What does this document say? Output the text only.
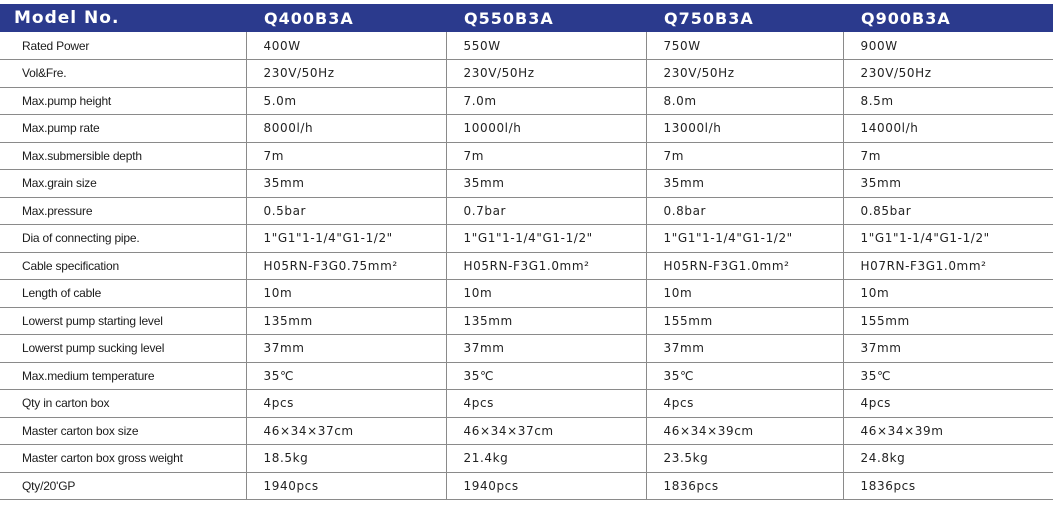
Model No.	Q400B3A	Q550B3A	Q750B3A	Q900B3A
Rated Power	400W	550W	750W	900W
Vol&Fre.	230V/50Hz	230V/50Hz	230V/50Hz	230V/50Hz
Max.pump height	5.0m	7.0m	8.0m	8.5m
Max.pump rate	8000l/h	10000l/h	13000l/h	14000l/h
Max.submersible depth	7m	7m	7m	7m
Max.grain size	35mm	35mm	35mm	35mm
Max.pressure	0.5bar	0.7bar	0.8bar	0.85bar
Dia of connecting pipe.	1"G1"1-1/4"G1-1/2"	1"G1"1-1/4"G1-1/2"	1"G1"1-1/4"G1-1/2"	1"G1"1-1/4"G1-1/2"
Cable specification	H05RN-F3G0.75mm²	H05RN-F3G1.0mm²	H05RN-F3G1.0mm²	H07RN-F3G1.0mm²
Length of cable	10m	10m	10m	10m
Lowerst pump starting level	135mm	135mm	155mm	155mm
Lowerst pump sucking level	37mm	37mm	37mm	37mm
Max.medium temperature	35℃	35℃	35℃	35℃
Qty in carton box	4pcs	4pcs	4pcs	4pcs
Master carton box size	46×34×37cm	46×34×37cm	46×34×39cm	46×34×39m
Master carton box gross weight	18.5kg	21.4kg	23.5kg	24.8kg
Qty/20'GP	1940pcs	1940pcs	1836pcs	1836pcs
